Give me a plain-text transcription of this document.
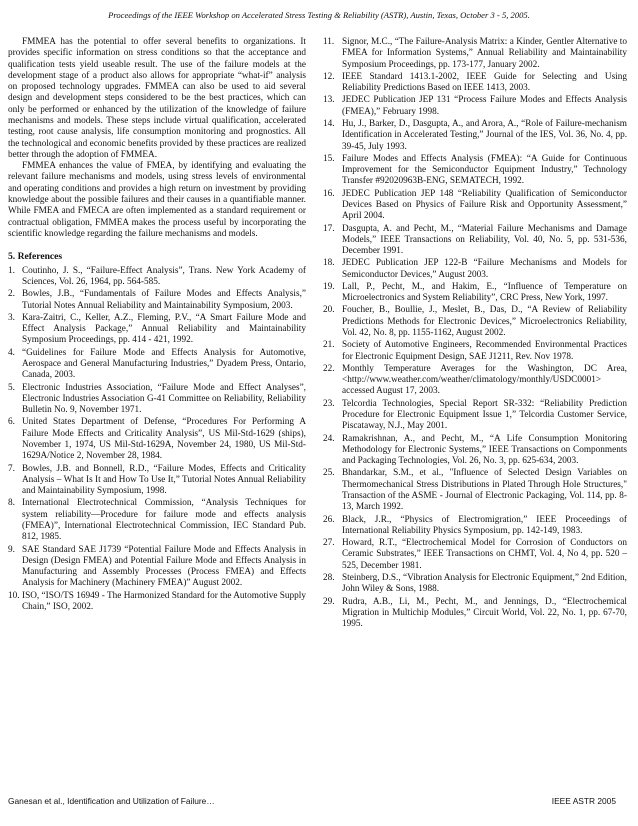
Proceedings of the IEEE Workshop on Accelerated Stress Testing & Reliability (ASTR), Austin, Texas, October 3 - 5, 2005.

FMMEA has the potential to offer several benefits to organizations. It provides specific information on stress conditions so that the acceptance and qualification tests yield useable result. The use of the failure models at the development stage of a product also allows for appropriate “what-if” analysis on proposed technology upgrades. FMMEA can also be used to aid several design and development steps considered to be the best practices, which can only be performed or enhanced by the utilization of the knowledge of failure mechanisms and models. These steps include virtual qualification, accelerated testing, root cause analysis, life consumption monitoring and prognostics. All the technological and economic benefits provided by these practices are realized better through the adoption of FMMEA.

FMMEA enhances the value of FMEA, by identifying and evaluating the relevant failure mechanisms and models, using stress levels of environmental and operating conditions and provides a high return on investment by providing knowledge about the possible failures and their causes in a quantifiable manner. While FMEA and FMECA are often implemented as a standard requirement or contractual obligation, FMMEA makes the process useful by incorporating the scientific knowledge regarding the failure mechanisms and models.

5. References
1. Coutinho, J. S., “Failure-Effect Analysis”, Trans. New York Academy of Sciences, Vol. 26, 1964, pp. 564-585.
2. Bowles, J.B., “Fundamentals of Failure Modes and Effects Analysis,” Tutorial Notes Annual Reliability and Maintainability Symposium, 2003.
3. Kara-Zaitri, C., Keller, A.Z., Fleming, P.V., “A Smart Failure Mode and Effect Analysis Package,” Annual Reliability and Maintainability Symposium Proceedings, pp. 414 - 421, 1992.
4. “Guidelines for Failure Mode and Effects Analysis for Automotive, Aerospace and General Manufacturing Industries,” Dyadem Press, Ontario, Canada, 2003.
5. Electronic Industries Association, “Failure Mode and Effect Analyses”, Electronic Industries Association G-41 Committee on Reliability, Reliability Bulletin No. 9, November 1971.
6. United States Department of Defense, “Procedures For Performing A Failure Mode Effects and Criticality Analysis”, US Mil-Std-1629 (ships), November 1, 1974, US Mil-Std-1629A, November 24, 1980, US Mil-Std-1629A/Notice 2, November 28, 1984.
7. Bowles, J.B. and Bonnell, R.D., “Failure Modes, Effects and Criticality Analysis – What Is It and How To Use It,” Tutorial Notes Annual Reliability and Maintainability Symposium, 1998.
8. International Electrotechnical Commission, “Analysis Techniques for system reliability—Procedure for failure mode and effects analysis (FMEA)”, International Electrotechnical Commission, IEC Standard Pub. 812, 1985.
9. SAE Standard SAE J1739 “Potential Failure Mode and Effects Analysis in Design (Design FMEA) and Potential Failure Mode and Effects Analysis in Manufacturing and Assembly Processes (Process FMEA) and Effects Analysis for Machinery (Machinery FMEA)” August 2002.
10. ISO, “ISO/TS 16949 - The Harmonized Standard for the Automotive Supply Chain,” ISO, 2002.
11. Signor, M.C., “The Failure-Analysis Matrix: a Kinder, Gentler Alternative to FMEA for Information Systems,” Annual Reliability and Maintainability Symposium Proceedings, pp. 173-177, January 2002.
12. IEEE Standard 1413.1-2002, IEEE Guide for Selecting and Using Reliability Predictions Based on IEEE 1413, 2003.
13. JEDEC Publication JEP 131 “Process Failure Modes and Effects Analysis (FMEA),” February 1998.
14. Hu, J., Barker, D., Dasgupta, A., and Arora, A., “Role of Failure-mechanism Identification in Accelerated Testing,” Journal of the IES, Vol. 36, No. 4, pp. 39-45, July 1993.
15. Failure Modes and Effects Analysis (FMEA): “A Guide for Continuous Improvement for the Semiconductor Equipment Industry,” Technology Transfer #92020963B-ENG, SEMATECH, 1992.
16. JEDEC Publication JEP 148 “Reliability Qualification of Semiconductor Devices Based on Physics of Failure Risk and Opportunity Assessment,” April 2004.
17. Dasgupta, A. and Pecht, M., “Material Failure Mechanisms and Damage Models,” IEEE Transactions on Reliability, Vol. 40, No. 5, pp. 531-536, December 1991.
18. JEDEC Publication JEP 122-B “Failure Mechanisms and Models for Semiconductor Devices,” August 2003.
19. Lall, P., Pecht, M., and Hakim, E., “Influence of Temperature on Microelectronics and System Reliability”, CRC Press, New York, 1997.
20. Foucher, B., Boullie, J., Meslet, B., Das, D., “A Review of Reliability Predictions Methods for Electronic Devices,” Microelectronics Reliability, Vol. 42, No. 8, pp. 1155-1162, August 2002.
21. Society of Automotive Engineers, Recommended Environmental Practices for Electronic Equipment Design, SAE J1211, Rev. Nov 1978.
22. Monthly Temperature Averages for the Washington, DC Area, <http://www.weather.com/weather/climatology/monthly/USDC0001> accessed August 17, 2003.
23. Telcordia Technologies, Special Report SR-332: “Reliability Prediction Procedure for Electronic Equipment Issue 1,” Telcordia Customer Service, Piscataway, N.J., May 2001.
24. Ramakrishnan, A., and Pecht, M., “A Life Consumption Monitoring Methodology for Electronic Systems,” IEEE Transactions on Componments and Packaging Technologies, Vol. 26, No. 3, pp. 625-634, 2003.
25. Bhandarkar, S.M., et al., "Influence of Selected Design Variables on Thermomechanical Stress Distributions in Plated Through Hole Structures," Transaction of the ASME - Journal of Electronic Packaging, Vol. 114, pp. 8-13, March 1992.
26. Black, J.R., “Physics of Electromigration,” IEEE Proceedings of International Reliability Physics Symposium, pp. 142-149, 1983.
27. Howard, R.T., “Electrochemical Model for Corrosion of Conductors on Ceramic Substrates,” IEEE Transactions on CHMT, Vol. 4, No 4, pp. 520 – 525, December 1981.
28. Steinberg, D.S., “Vibration Analysis for Electronic Equipment,” 2nd Edition, John Wiley & Sons, 1988.
29. Rudra, A.B., Li, M., Pecht, M., and Jennings, D., “Electrochemical Migration in Multichip Modules,” Circuit World, Vol. 22, No. 1, pp. 67-70, 1995.
Ganesan et al., Identification and Utilization of Failure…	IEEE ASTR 2005
